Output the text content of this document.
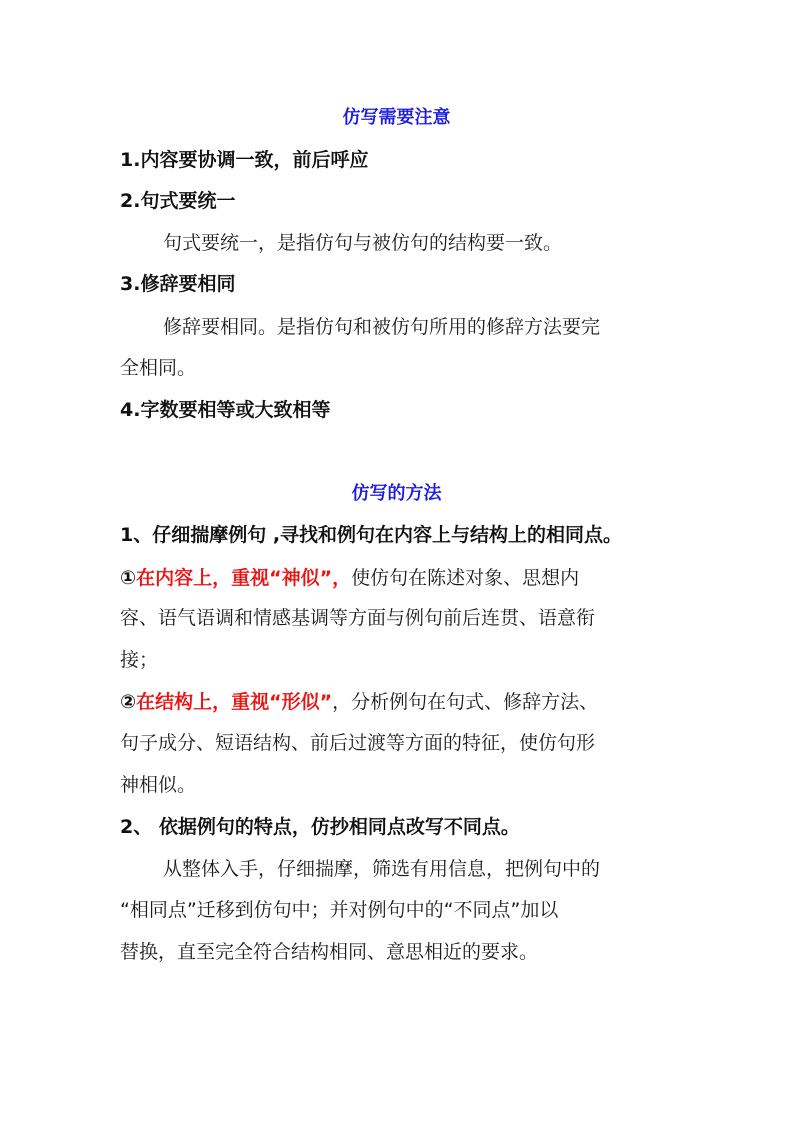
仿写需要注意
1.内容要协调一致，前后呼应
2.句式要统一
句式要统一，是指仿句与被仿句的结构要一致。
3.修辞要相同
修辞要相同。是指仿句和被仿句所用的修辞方法要完
全相同。
4.字数要相等或大致相等
仿写的方法
1、仔细揣摩例句 ,寻找和例句在内容上与结构上的相同点。
①在内容上，重视“神似”，使仿句在陈述对象、思想内
容、语气语调和情感基调等方面与例句前后连贯、语意衔
接；
②在结构上，重视“形似”，分析例句在句式、修辞方法、
句子成分、短语结构、前后过渡等方面的特征，使仿句形
神相似。
2、 依据例句的特点，仿抄相同点改写不同点。
从整体入手，仔细揣摩，筛选有用信息，把例句中的
“相同点”迁移到仿句中；并对例句中的“不同点”加以
替换，直至完全符合结构相同、意思相近的要求。
